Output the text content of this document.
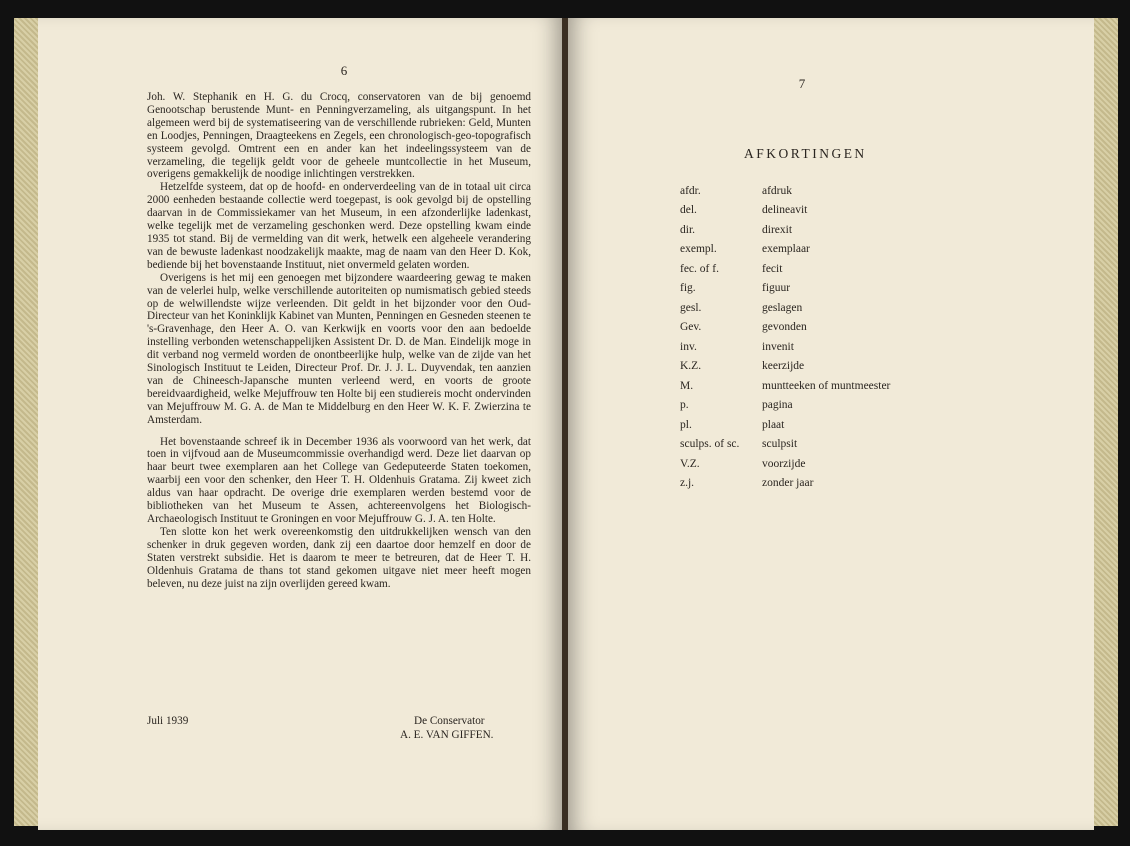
6

Joh. W. Stephanik en H. G. du Crocq, conservatoren van de bij genoemd Genootschap berustende Munt- en Penningverzameling, als uitgangspunt. In het algemeen werd bij de systematiseering van de verschillende rubrieken: Geld, Munten en Loodjes, Penningen, Draagteekens en Zegels, een chronologisch-geo-topografisch systeem gevolgd. Omtrent een en ander kan het indeelingssysteem van de verzameling, die tegelijk geldt voor de geheele muntcollectie in het Museum, overigens gemakkelijk de noodige inlichtingen verstrekken.

Hetzelfde systeem, dat op de hoofd- en onderverdeeling van de in totaal uit circa 2000 eenheden bestaande collectie werd toegepast, is ook gevolgd bij de opstelling daarvan in de Commissiekamer van het Museum, in een afzonderlijke ladenkast, welke tegelijk met de verzameling geschonken werd. Deze opstelling kwam einde 1935 tot stand. Bij de vermelding van dit werk, hetwelk een algeheele verandering van de bewuste ladenkast noodzakelijk maakte, mag de naam van den Heer D. Kok, bediende bij het bovenstaande Instituut, niet onvermeld gelaten worden.

Overigens is het mij een genoegen met bijzondere waardeering gewag te maken van de velerlei hulp, welke verschillende autoriteiten op numismatisch gebied steeds op de welwillendste wijze verleenden. Dit geldt in het bijzonder voor den Oud-Directeur van het Koninklijk Kabinet van Munten, Penningen en Gesneden steenen te 's-Gravenhage, den Heer A. O. van Kerkwijk en voorts voor den aan bedoelde instelling verbonden wetenschappelijken Assistent Dr. D. de Man. Eindelijk moge in dit verband nog vermeld worden de onontbeerlijke hulp, welke van de zijde van het Sinologisch Instituut te Leiden, Directeur Prof. Dr. J. J. L. Duyvendak, ten aanzien van de Chineesch-Japansche munten verleend werd, en voorts de groote bereidvaardigheid, welke Mejuffrouw ten Holte bij een studiereis mocht ondervinden van Mejuffrouw M. G. A. de Man te Middelburg en den Heer W. K. F. Zwierzina te Amsterdam.

Het bovenstaande schreef ik in December 1936 als voorwoord van het werk, dat toen in vijfvoud aan de Museumcommissie overhandigd werd. Deze liet daarvan op haar beurt twee exemplaren aan het College van Gedeputeerde Staten toekomen, waarbij een voor den schenker, den Heer T. H. Oldenhuis Gratama. Zij kweet zich aldus van haar opdracht. De overige drie exemplaren werden bestemd voor de bibliotheken van het Museum te Assen, achtereenvolgens het Biologisch-Archaeologisch Instituut te Groningen en voor Mejuffrouw G. J. A. ten Holte.

Ten slotte kon het werk overeenkomstig den uitdrukkelijken wensch van den schenker in druk gegeven worden, dank zij een daartoe door hemzelf en door de Staten verstrekt subsidie. Het is daarom te meer te betreuren, dat de Heer T. H. Oldenhuis Gratama de thans tot stand gekomen uitgave niet meer heeft mogen beleven, nu deze juist na zijn overlijden gereed kwam.

Juli 1939	De Conservator
A. E. VAN GIFFEN.
7
AFKORTINGEN
afdr.	afdruk
del.	delineavit
dir.	direxit
exempl.	exemplaar
fec. of f.	fecit
fig.	figuur
gesl.	geslagen
Gev.	gevonden
inv.	invenit
K.Z.	keerzijde
M.	muntteeken of muntmeester
p.	pagina
pl.	plaat
sculps. of sc.	sculpsit
V.Z.	voorzijde
z.j.	zonder jaar
